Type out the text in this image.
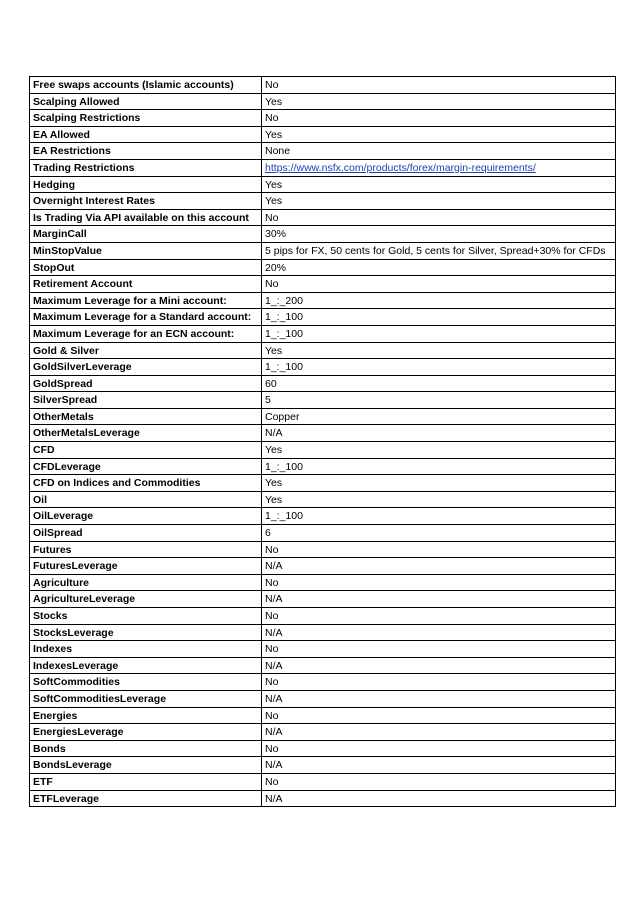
Free swaps accounts (Islamic accounts)	No
Scalping Allowed	Yes
Scalping Restrictions	No
EA Allowed	Yes
EA Restrictions	None
Trading Restrictions	https://www.nsfx.com/products/forex/margin-requirements/
Hedging	Yes
Overnight Interest Rates	Yes
Is Trading Via API available on this account	No
MarginCall	30%
MinStopValue	5 pips for FX, 50 cents for Gold, 5 cents for Silver, Spread+30% for CFDs
StopOut	20%
Retirement Account	No
Maximum Leverage for a Mini account:	1_:_200
Maximum Leverage for a Standard account:	1_:_100
Maximum Leverage for an ECN account:	1_:_100
Gold & Silver	Yes
GoldSilverLeverage	1_:_100
GoldSpread	60
SilverSpread	5
OtherMetals	Copper
OtherMetalsLeverage	N/A
CFD	Yes
CFDLeverage	1_:_100
CFD on Indices and Commodities	Yes
Oil	Yes
OilLeverage	1_:_100
OilSpread	6
Futures	No
FuturesLeverage	N/A
Agriculture	No
AgricultureLeverage	N/A
Stocks	No
StocksLeverage	N/A
Indexes	No
IndexesLeverage	N/A
SoftCommodities	No
SoftCommoditiesLeverage	N/A
Energies	No
EnergiesLeverage	N/A
Bonds	No
BondsLeverage	N/A
ETF	No
ETFLeverage	N/A
